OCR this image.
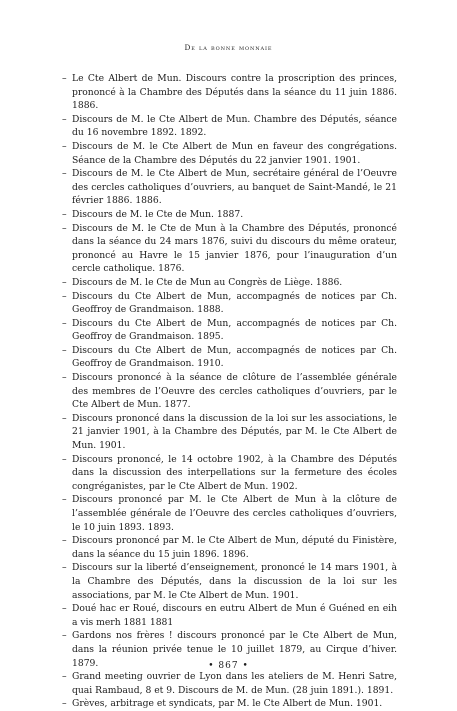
De la bonne monnaie
– Le Cte Albert de Mun. Discours contre la proscription des princes, prononcé à la Chambre des Députés dans la séance du 11 juin 1886. 1886.
– Discours de M. le Cte Albert de Mun. Chambre des Députés, séance du 16 novembre 1892. 1892.
– Discours de M. le Cte Albert de Mun en faveur des congrégations. Séance de la Chambre des Députés du 22 janvier 1901. 1901.
– Discours de M. le Cte Albert de Mun, secrétaire général de l’Oeuvre des cercles catholiques d’ouvriers, au banquet de Saint-Mandé, le 21 février 1886. 1886.
– Discours de M. le Cte de Mun. 1887.
– Discours de M. le Cte de Mun à la Chambre des Députés, prononcé dans la séance du 24 mars 1876, suivi du discours du même orateur, prononcé au Havre le 15 janvier 1876, pour l’inauguration d’un cercle catholique. 1876.
– Discours de M. le Cte de Mun au Congrès de Liège. 1886.
– Discours du Cte Albert de Mun, accompagnés de notices par Ch. Geoffroy de Grandmaison. 1888.
– Discours du Cte Albert de Mun, accompagnés de notices par Ch. Geoffroy de Grandmaison. 1895.
– Discours du Cte Albert de Mun, accompagnés de notices par Ch. Geoffroy de Grandmaison. 1910.
– Discours prononcé à la séance de clôture de l’assemblée générale des membres de l’Oeuvre des cercles catholiques d’ouvriers, par le Cte Albert de Mun. 1877.
– Discours prononcé dans la discussion de la loi sur les associations, le 21 janvier 1901, à la Chambre des Députés, par M. le Cte Albert de Mun. 1901.
– Discours prononcé, le 14 octobre 1902, à la Chambre des Députés dans la discussion des interpellations sur la fermeture des écoles congréganistes, par le Cte Albert de Mun. 1902.
– Discours prononcé par M. le Cte Albert de Mun à la clôture de l’assemblée générale de l’Oeuvre des cercles catholiques d’ouvriers, le 10 juin 1893. 1893.
– Discours prononcé par M. le Cte Albert de Mun, député du Finistère, dans la séance du 15 juin 1896. 1896.
– Discours sur la liberté d’enseignement, prononcé le 14 mars 1901, à la Chambre des Députés, dans la discussion de la loi sur les associations, par M. le Cte Albert de Mun. 1901.
– Doué hac er Roué, discours en eutru Albert de Mun é Guéned en eih a vis merh 1881 1881
– Gardons nos frères ! discours prononcé par le Cte Albert de Mun, dans la réunion privée tenue le 10 juillet 1879, au Cirque d’hiver. 1879.
– Grand meeting ouvrier de Lyon dans les ateliers de M. Henri Satre, quai Rambaud, 8 et 9. Discours de M. de Mun. (28 juin 1891.). 1891.
– Grèves, arbitrage et syndicats, par M. le Cte Albert de Mun. 1901.
• 867 •
